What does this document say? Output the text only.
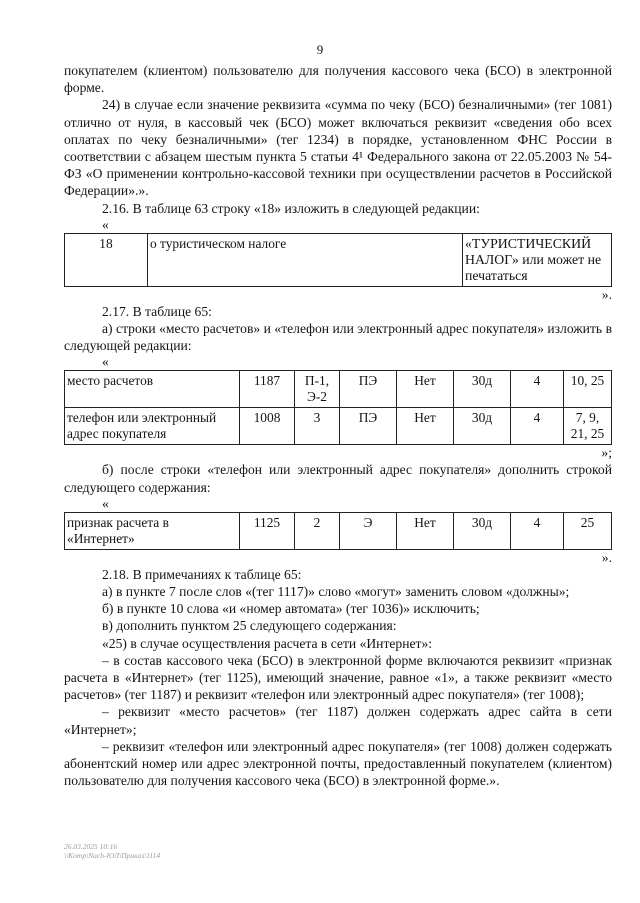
9

покупателем (клиентом) пользователю для получения кассового чека (БСО) в электронной форме.

24) в случае если значение реквизита «сумма по чеку (БСО) безналичными» (тег 1081) отлично от нуля, в кассовый чек (БСО) может включаться реквизит «сведения обо всех оплатах по чеку безналичными» (тег 1234) в порядке, установленном ФНС России в соответствии с абзацем шестым пункта 5 статьи 4¹ Федерального закона от 22.05.2003 № 54-ФЗ «О применении контрольно-кассовой техники при осуществлении расчетов в Российской Федерации».».

2.16. В таблице 63 строку «18» изложить в следующей редакции:

«
18	о туристическом налоге	«ТУРИСТИЧЕСКИЙ НАЛОГ» или может не печататься
».

2.17. В таблице 65:

а) строки «место расчетов» и «телефон или электронный адрес покупателя» изложить в следующей редакции:

«
место расчетов	1187	П-1, Э-2	ПЭ	Нет	30д	4	10, 25
телефон или электронный адрес покупателя	1008	3	ПЭ	Нет	30д	4	7, 9, 21, 25
»;

б) после строки «телефон или электронный адрес покупателя» дополнить строкой следующего содержания:

«
признак расчета в «Интернет»	1125	2	Э	Нет	30д	4	25
».

2.18. В примечаниях к таблице 65:

а) в пункте 7 после слов «(тег 1117)» слово «могут» заменить словом «должны»;

б) в пункте 10 слова «и «номер автомата» (тег 1036)» исключить;

в) дополнить пунктом 25 следующего содержания:

«25) в случае осуществления расчета в сети «Интернет»:

– в состав кассового чека (БСО) в электронной форме включаются реквизит «признак расчета в «Интернет» (тег 1125), имеющий значение, равное «1», а также реквизит «место расчетов» (тег 1187) и реквизит «телефон или электронный адрес покупателя» (тег 1008);

– реквизит «место расчетов» (тег 1187) должен содержать адрес сайта в сети «Интернет»;

– реквизит «телефон или электронный адрес покупателя» (тег 1008) должен содержать абонентский номер или адрес электронной почты, предоставленный покупателем (клиентом) пользователю для получения кассового чека (БСО) в электронной форме.».

26.03.2025 10:16
\\Komp\Nach-ЮЛ\Приказ\1114
